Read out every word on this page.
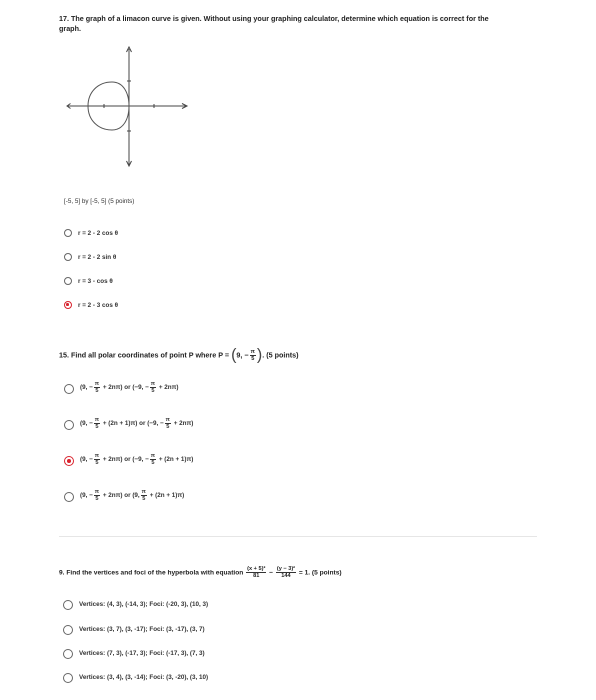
17. The graph of a limacon curve is given. Without using your graphing calculator, determine which equation is correct for the
graph.
[-5, 5] by [-5, 5] (5 points)
r = 2 - 2 cos θ
r = 2 - 2 sin θ
r = 3 - cos θ
r = 2 - 3 cos θ
15. Find all polar coordinates of point P where P = (9, − $\frac{\pi}{5}$ ). (5 points)
(9, − $\frac{\pi}{5} + 2n\pi$) or (−9, − $\frac{\pi}{5} + 2n\pi$)
(9, − $\frac{\pi}{5} + (2n + 1)\pi$) or (−9, − $\frac{\pi}{5} + 2n\pi$)
(9, − $\frac{\pi}{5} + 2n\pi$) or (−9, − $\frac{\pi}{5} + (2n + 1)\pi$)
(9, − $\frac{\pi}{5} + 2n\pi$) or (9, $\frac{\pi}{5} + (2n + 1)\pi$)
9. Find the vertices and foci of the hyperbola with equation $\frac{\text{(x + 5)²}}{81} - \frac{\text{(y − 3)²}}{144} = 1$. (5 points)
Vertices: (4, 3), (-14, 3); Foci: (-20, 3), (10, 3)
Vertices: (3, 7), (3, -17); Foci: (3, -17), (3, 7)
Vertices: (7, 3), (-17, 3); Foci: (-17, 3), (7, 3)
Vertices: (3, 4), (3, -14); Foci: (3, -20), (3, 10)
